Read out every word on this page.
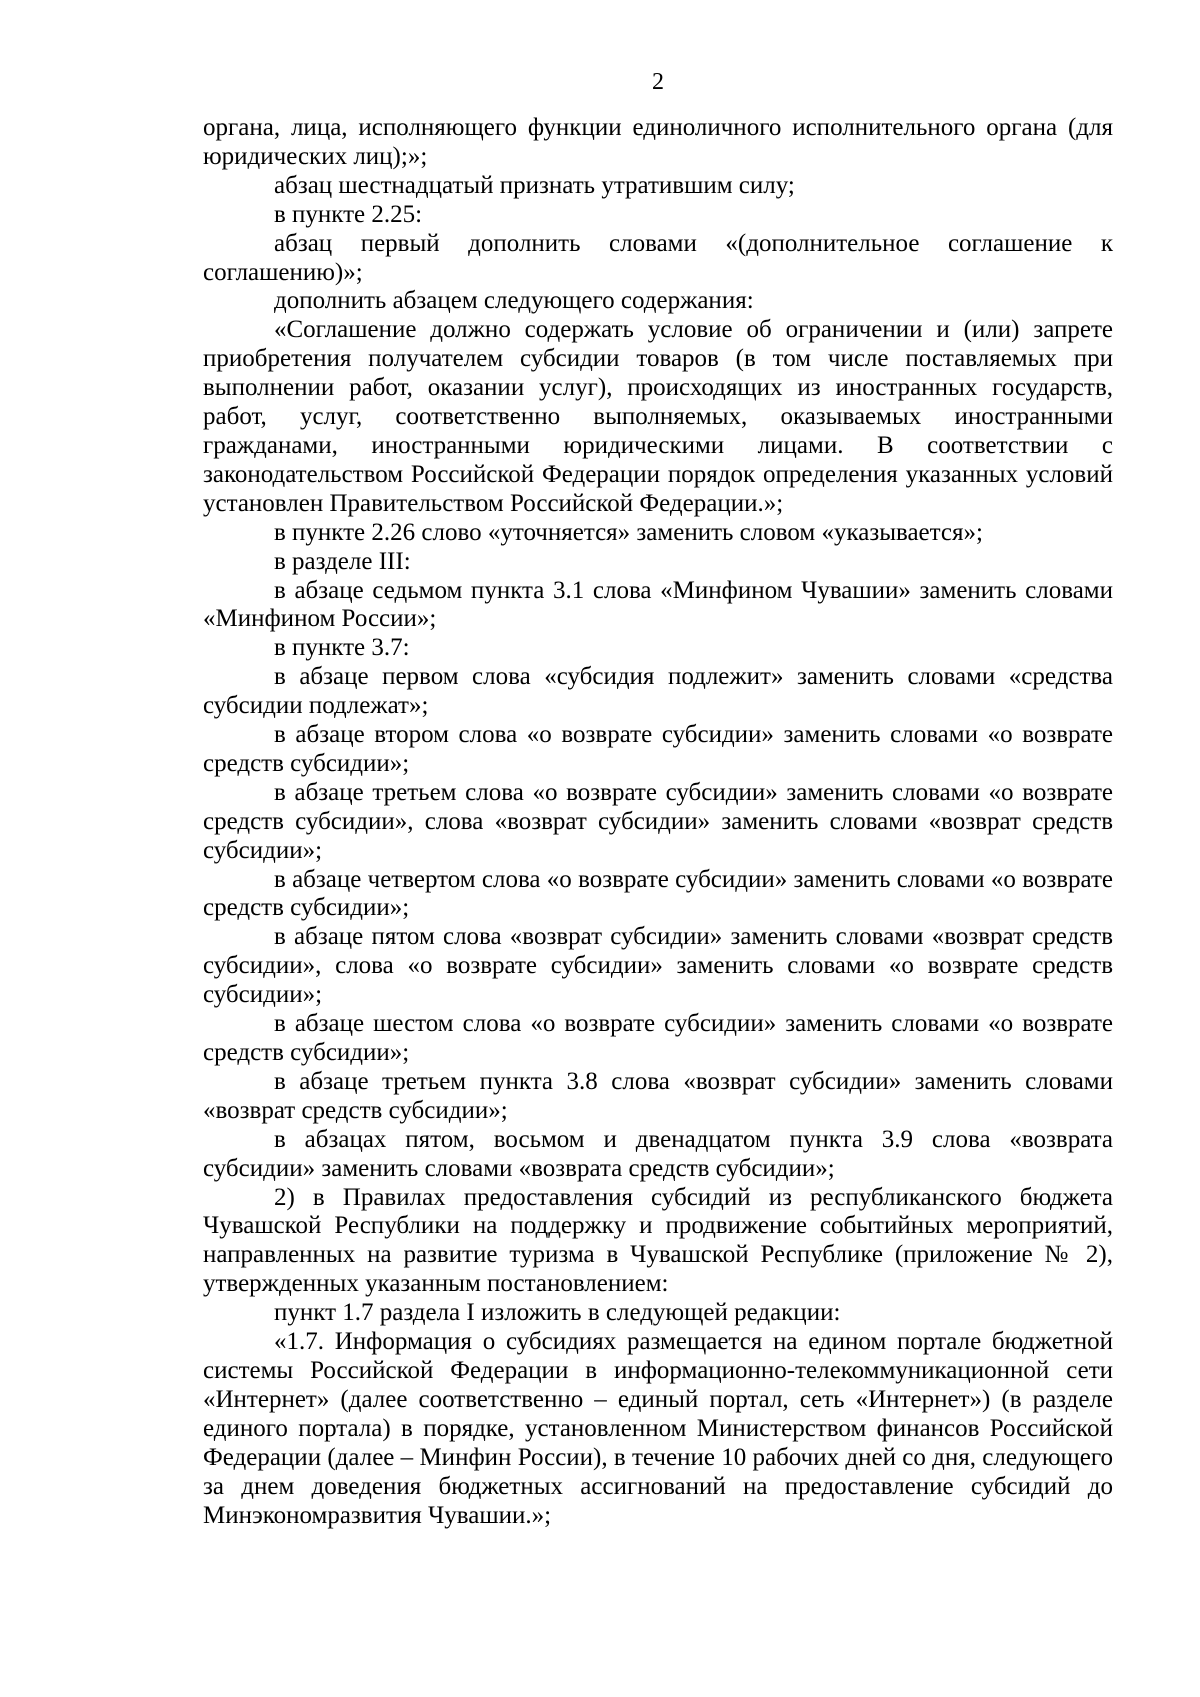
2

органа, лица, исполняющего функции единоличного исполнительного органа (для юридических лиц);»;

абзац шестнадцатый признать утратившим силу;

в пункте 2.25:

абзац первый дополнить словами «(дополнительное соглашение к соглашению)»;

дополнить абзацем следующего содержания:

«Соглашение должно содержать условие об ограничении и (или) запрете приобретения получателем субсидии товаров (в том числе поставляемых при выполнении работ, оказании услуг), происходящих из иностранных государств, работ, услуг, соответственно выполняемых, оказываемых иностранными гражданами, иностранными юридическими лицами. В соответствии с законодательством Российской Федерации порядок определения указанных условий установлен Правительством Российской Федерации.»;

в пункте 2.26 слово «уточняется» заменить словом «указывается»;

в разделе III:

в абзаце седьмом пункта 3.1 слова «Минфином Чувашии» заменить словами «Минфином России»;

в пункте 3.7:

в абзаце первом слова «субсидия подлежит» заменить словами «средства субсидии подлежат»;

в абзаце втором слова «о возврате субсидии» заменить словами «о возврате средств субсидии»;

в абзаце третьем слова «о возврате субсидии» заменить словами «о возврате средств субсидии», слова «возврат субсидии» заменить словами «возврат средств субсидии»;

в абзаце четвертом слова «о возврате субсидии» заменить словами «о возврате средств субсидии»;

в абзаце пятом слова «возврат субсидии» заменить словами «возврат средств субсидии», слова «о возврате субсидии» заменить словами «о возврате средств субсидии»;

в абзаце шестом слова «о возврате субсидии» заменить словами «о возврате средств субсидии»;

в абзаце третьем пункта 3.8 слова «возврат субсидии» заменить словами «возврат средств субсидии»;

в абзацах пятом, восьмом и двенадцатом пункта 3.9 слова «возврата субсидии» заменить словами «возврата средств субсидии»;

2) в Правилах предоставления субсидий из республиканского бюджета Чувашской Республики на поддержку и продвижение событийных мероприятий, направленных на развитие туризма в Чувашской Республике (приложение № 2), утвержденных указанным постановлением:

пункт 1.7 раздела I изложить в следующей редакции:

«1.7. Информация о субсидиях размещается на едином портале бюджетной системы Российской Федерации в информационно-телекоммуникационной сети «Интернет» (далее соответственно – единый портал, сеть «Интернет») (в разделе единого портала) в порядке, установленном Министерством финансов Российской Федерации (далее – Минфин России), в течение 10 рабочих дней со дня, следующего за днем доведения бюджетных ассигнований на предоставление субсидий до Минэкономразвития Чувашии.»;
